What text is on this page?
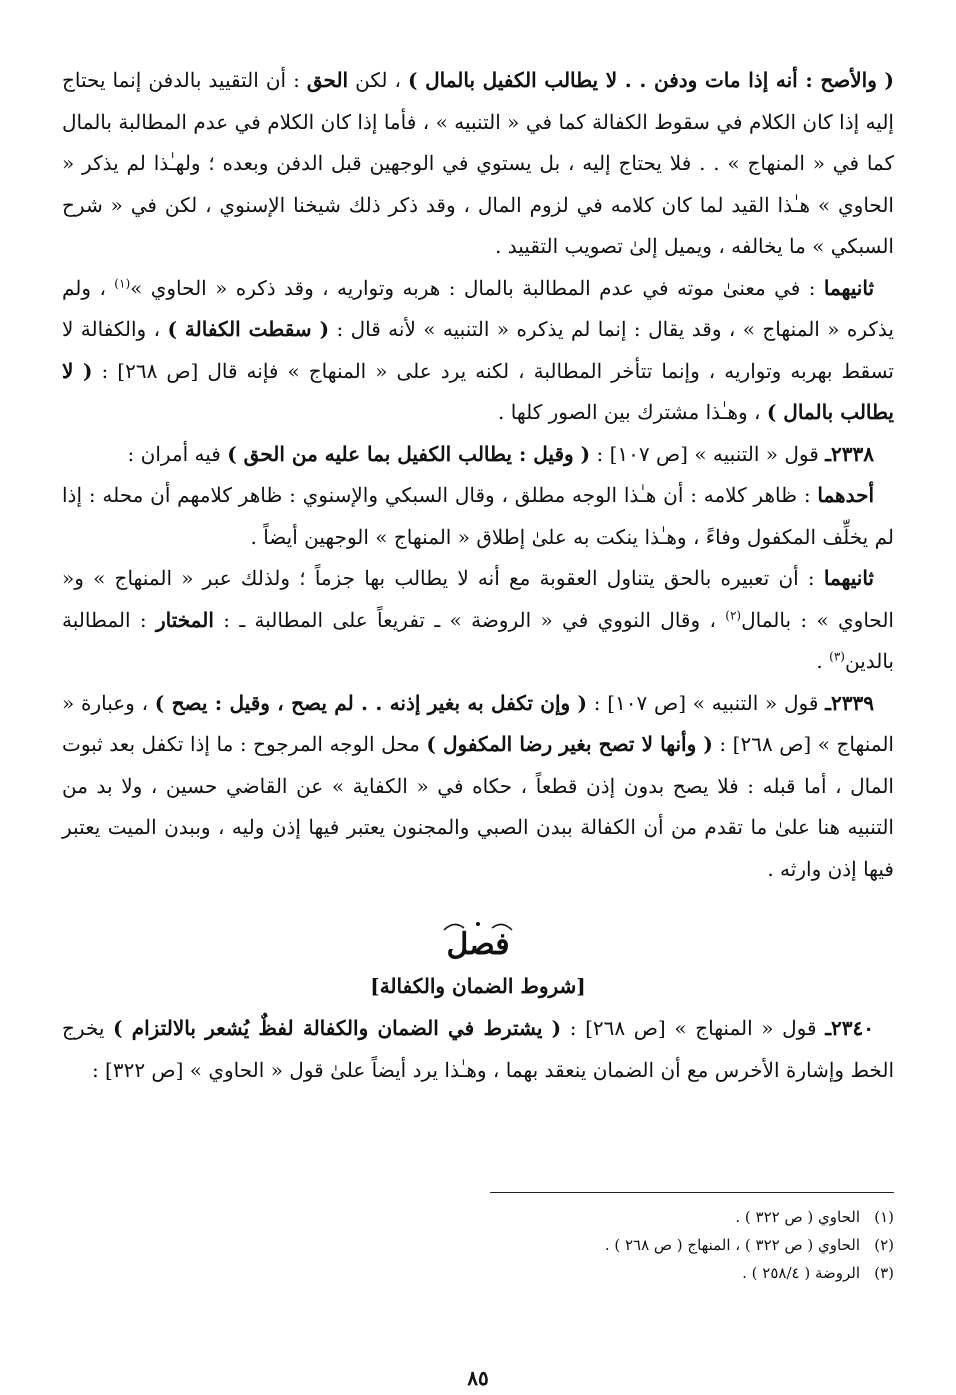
( والأصح : أنه إذا مات ودفن . . لا يطالب الكفيل بالمال ) ، لكن الحق : أن التقييد بالدفن إنما يحتاج إليه إذا كان الكلام في سقوط الكفالة كما في « التنبيه » ، فأما إذا كان الكلام في عدم المطالبة بالمال كما في « المنهاج » . . فلا يحتاج إليه ، بل يستوي في الوجهين قبل الدفن وبعده ؛ ولهـٰذا لم يذكر « الحاوي » هـٰذا القيد لما كان كلامه في لزوم المال ، وقد ذكر ذلك شيخنا الإسنوي ، لكن في « شرح السبكي » ما يخالفه ، ويميل إلىٰ تصويب التقييد .

ثانيهما : في معنىٰ موته في عدم المطالبة بالمال : هربه وتواريه ، وقد ذكره « الحاوي »$^{(١)}$ ، ولم يذكره « المنهاج » ، وقد يقال : إنما لم يذكره « التنبيه » لأنه قال : ( سقطت الكفالة ) ، والكفالة لا تسقط بهربه وتواريه ، وإنما تتأخر المطالبة ، لكنه يرد على « المنهاج » فإنه قال [ص ٢٦٨] : ( لا يطالب بالمال ) ، وهـٰذا مشترك بين الصور كلها .

٢٣٣٨ـ قول « التنبيه » [ص ١٠٧] : ( وقيل : يطالب الكفيل بما عليه من الحق ) فيه أمران :

أحدهما : ظاهر كلامه : أن هـٰذا الوجه مطلق ، وقال السبكي والإسنوي : ظاهر كلامهم أن محله : إذا لم يخلِّف المكفول وفاءً ، وهـٰذا ينكت به علىٰ إطلاق « المنهاج » الوجهين أيضاً .

ثانيهما : أن تعبيره بالحق يتناول العقوبة مع أنه لا يطالب بها جزماً ؛ ولذلك عبر « المنهاج » و« الحاوي » : بالمال$^{(٢)}$ ، وقال النووي في « الروضة » ـ تفريعاً على المطالبة ـ : المختار : المطالبة بالدين$^{(٣)}$ .

٢٣٣٩ـ قول « التنبيه » [ص ١٠٧] : ( وإن تكفل به بغير إذنه . . لم يصح ، وقيل : يصح ) ، وعبارة « المنهاج » [ص ٢٦٨] : ( وأنها لا تصح بغير رضا المكفول ) محل الوجه المرجوح : ما إذا تكفل بعد ثبوت المال ، أما قبله : فلا يصح بدون إذن قطعاً ، حكاه في « الكفاية » عن القاضي حسين ، ولا بد من التنبيه هنا علىٰ ما تقدم من أن الكفالة ببدن الصبي والمجنون يعتبر فيها إذن وليه ، وببدن الميت يعتبر فيها إذن وارثه .

فصل

[شروط الضمان والكفالة]

٢٣٤٠ـ قول « المنهاج » [ص ٢٦٨] : ( يشترط في الضمان والكفالة لفظٌ يُشعر بالالتزام ) يخرج الخط وإشارة الأخرس مع أن الضمان ينعقد بهما ، وهـٰذا يرد أيضاً علىٰ قول « الحاوي » [ص ٣٢٢] :

(١)الحاوي ( ص ٣٢٢ ) .
(٢)الحاوي ( ص ٣٢٢ ) ، المنهاج ( ص ٢٦٨ ) .
(٣)الروضة ( ٢٥٨/٤ ) .
٨٥
